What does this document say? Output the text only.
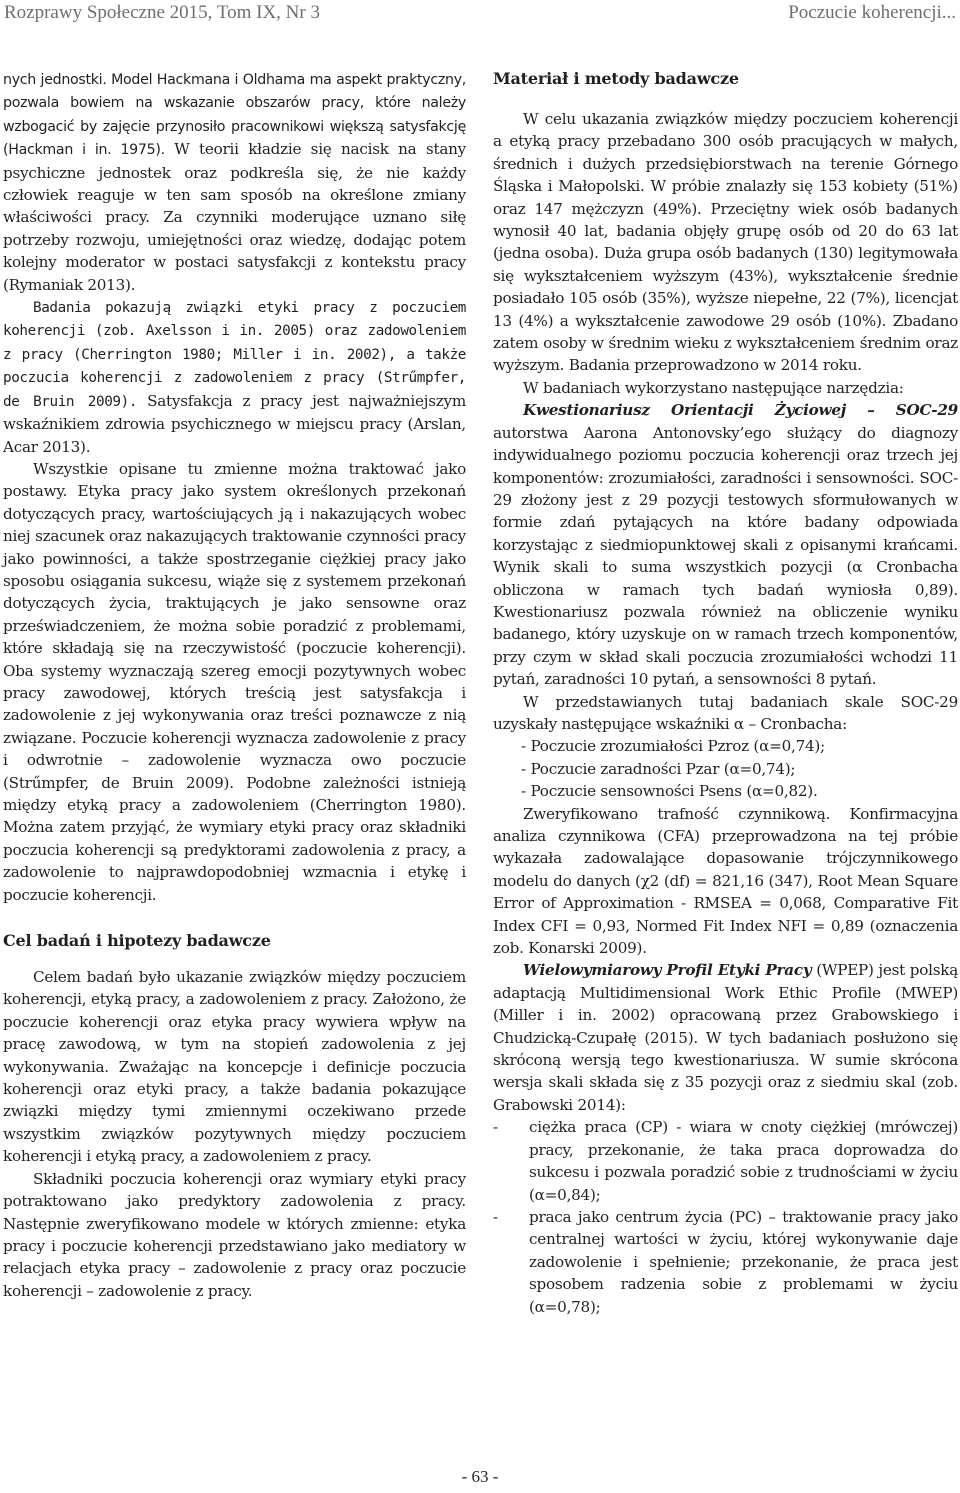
Rozprawy Społeczne 2015, Tom IX, Nr 3	Poczucie koherencji...

nych jednostki. Model Hackmana i Oldhama ma aspekt praktyczny, pozwala bowiem na wskazanie obszarów pracy, które należy wzbogacić by zajęcie przynosiło pracownikowi większą satysfakcję (Hackman i in. 1975). W teorii kładzie się nacisk na stany psychiczne jednostek oraz podkreśla się, że nie każdy człowiek reaguje w ten sam sposób na określone zmiany właściwości pracy. Za czynniki moderujące uznano siłę potrzeby rozwoju, umiejętności oraz wiedzę, dodając potem kolejny moderator w postaci satysfakcji z kontekstu pracy (Rymaniak 2013).

Badania pokazują związki etyki pracy z poczuciem koherencji (zob. Axelsson i in. 2005) oraz zadowoleniem z pracy (Cherrington 1980; Miller i in. 2002), a także poczucia koherencji z zadowoleniem z pracy (Strűmpfer, de Bruin 2009). Satysfakcja z pracy jest najważniejszym wskaźnikiem zdrowia psychicznego w miejscu pracy (Arslan, Acar 2013).

Wszystkie opisane tu zmienne można traktować jako postawy. Etyka pracy jako system określonych przekonań dotyczących pracy, wartościujących ją i nakazujących wobec niej szacunek oraz nakazujących traktowanie czynności pracy jako powinności, a także spostrzeganie ciężkiej pracy jako sposobu osiągania sukcesu, wiąże się z systemem przekonań dotyczących życia, traktujących je jako sensowne oraz przeświadczeniem, że można sobie poradzić z problemami, które składają się na rzeczywistość (poczucie koherencji). Oba systemy wyznaczają szereg emocji pozytywnych wobec pracy zawodowej, których treścią jest satysfakcja i zadowolenie z jej wykonywania oraz treści poznawcze z nią związane. Poczucie koherencji wyznacza zadowolenie z pracy i odwrotnie – zadowolenie wyznacza owo poczucie (Strűmpfer, de Bruin 2009). Podobne zależności istnieją między etyką pracy a zadowoleniem (Cherrington 1980). Można zatem przyjąć, że wymiary etyki pracy oraz składniki poczucia koherencji są predyktorami zadowolenia z pracy, a zadowolenie to najprawdopodobniej wzmacnia i etykę i poczucie koherencji.

Cel badań i hipotezy badawcze

Celem badań było ukazanie związków między poczuciem koherencji, etyką pracy, a zadowoleniem z pracy. Założono, że poczucie koherencji oraz etyka pracy wywiera wpływ na pracę zawodową, w tym na stopień zadowolenia z jej wykonywania. Zważając na koncepcje i definicje poczucia koherencji oraz etyki pracy, a także badania pokazujące związki między tymi zmiennymi oczekiwano przede wszystkim związków pozytywnych między poczuciem koherencji i etyką pracy, a zadowoleniem z pracy.

Składniki poczucia koherencji oraz wymiary etyki pracy potraktowano jako predyktory zadowolenia z pracy. Następnie zweryfikowano modele w których zmienne: etyka pracy i poczucie koherencji przedstawiano jako mediatory w relacjach etyka pracy – zadowolenie z pracy oraz poczucie koherencji – zadowolenie z pracy.

Materiał i metody badawcze

W celu ukazania związków między poczuciem koherencji a etyką pracy przebadano 300 osób pracujących w małych, średnich i dużych przedsiębiorstwach na terenie Górnego Śląska i Małopolski. W próbie znalazły się 153 kobiety (51%) oraz 147 mężczyzn (49%). Przeciętny wiek osób badanych wynosił 40 lat, badania objęły grupę osób od 20 do 63 lat (jedna osoba). Duża grupa osób badanych (130) legitymowała się wykształceniem wyższym (43%), wykształcenie średnie posiadało 105 osób (35%), wyższe niepełne, 22 (7%), licencjat 13 (4%) a wykształcenie zawodowe 29 osób (10%). Zbadano zatem osoby w średnim wieku z wykształceniem średnim oraz wyższym. Badania przeprowadzono w 2014 roku.

W badaniach wykorzystano następujące narzędzia:

Kwestionariusz Orientacji Życiowej – SOC-29 autorstwa Aarona Antonovsky’ego służący do diagnozy indywidualnego poziomu poczucia koherencji oraz trzech jej komponentów: zrozumiałości, zaradności i sensowności. SOC-29 złożony jest z 29 pozycji testowych sformułowanych w formie zdań pytających na które badany odpowiada korzystając z siedmiopunktowej skali z opisanymi krańcami. Wynik skali to suma wszystkich pozycji (α Cronbacha obliczona w ramach tych badań wyniosła 0,89). Kwestionariusz pozwala również na obliczenie wyniku badanego, który uzyskuje on w ramach trzech komponentów, przy czym w skład skali poczucia zrozumiałości wchodzi 11 pytań, zaradności 10 pytań, a sensowności 8 pytań.

W przedstawianych tutaj badaniach skale SOC-29 uzyskały następujące wskaźniki α – Cronbacha:

- Poczucie zrozumiałości Pzroz (α=0,74);
- Poczucie zaradności Pzar (α=0,74);
- Poczucie sensowności Psens (α=0,82).

Zweryfikowano trafność czynnikową. Konfirmacyjna analiza czynnikowa (CFA) przeprowadzona na tej próbie wykazała zadowalające dopasowanie trójczynnikowego modelu do danych (χ2 (df) = 821,16 (347), Root Mean Square Error of Approximation - RMSEA = 0,068, Comparative Fit Index CFI = 0,93, Normed Fit Index NFI = 0,89 (oznaczenia zob. Konarski 2009).

Wielowymiarowy Profil Etyki Pracy (WPEP) jest polską adaptacją Multidimensional Work Ethic Profile (MWEP) (Miller i in. 2002) opracowaną przez Grabowskiego i Chudzicką-Czupałę (2015). W tych badaniach posłużono się skróconą wersją tego kwestionariusza. W sumie skrócona wersja skali składa się z 35 pozycji oraz z siedmiu skal (zob. Grabowski 2014):

- ciężka praca (CP) - wiara w cnoty ciężkiej (mrówczej) pracy, przekonanie, że taka praca doprowadza do sukcesu i pozwala poradzić sobie z trudnościami w życiu (α=0,84);
- praca jako centrum życia (PC) – traktowanie pracy jako centralnej wartości w życiu, której wykonywanie daje zadowolenie i spełnienie; przekonanie, że praca jest sposobem radzenia sobie z problemami w życiu (α=0,78);
- 63 -
